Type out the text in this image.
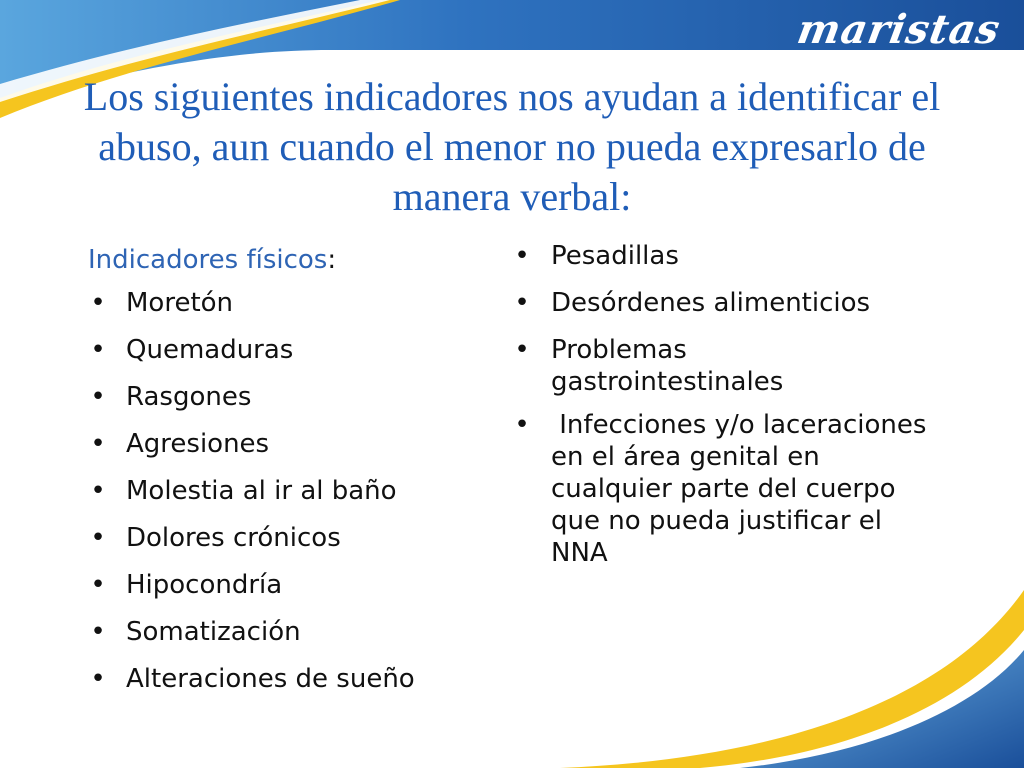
maristas
Los siguientes indicadores nos ayudan a identificar el abuso, aun cuando el menor no pueda expresarlo de manera verbal:
Indicadores físicos:
• Moretón
• Quemaduras
• Rasgones
• Agresiones
• Molestia al ir al baño
• Dolores crónicos
• Hipocondría
• Somatización
• Alteraciones de sueño
• Pesadillas
• Desórdenes alimenticios
• Problemas gastrointestinales
• Infecciones y/o laceraciones en el área genital en cualquier parte del cuerpo que no pueda justificar el NNA
